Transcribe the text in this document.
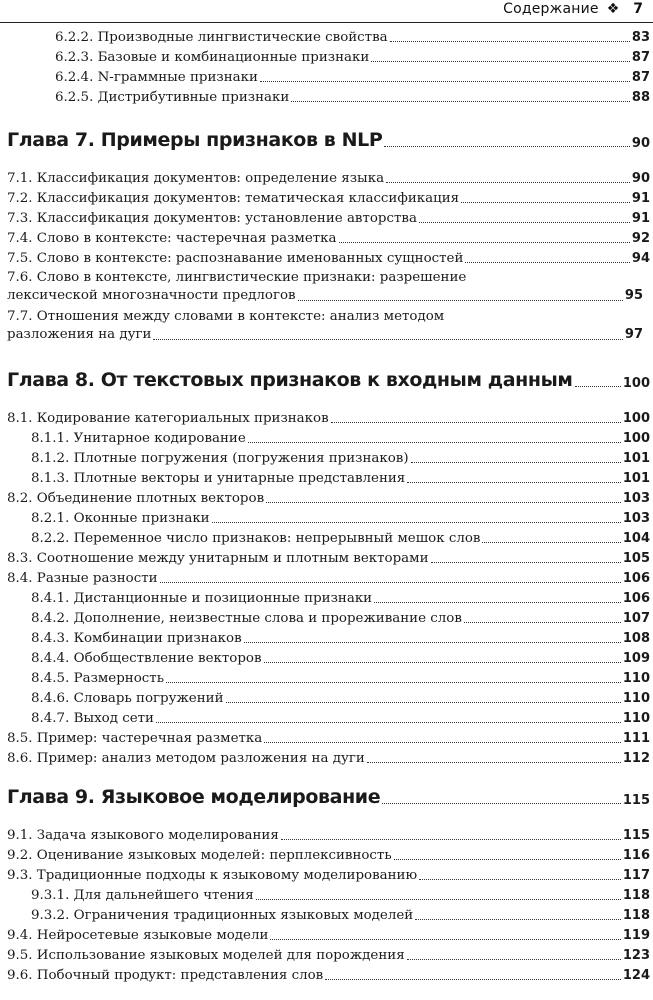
Содержание ❖ 7
6.2.2. Производные лингвистические свойства	83
6.2.3. Базовые и комбинационные признаки	87
6.2.4. N-граммные признаки	87
6.2.5. Дистрибутивные признаки	88
Глава 7. Примеры признаков в NLP	90
7.1. Классификация документов: определение языка	90
7.2. Классификация документов: тематическая классификация	91
7.3. Классификация документов: установление авторства	91
7.4. Слово в контексте: частеречная разметка	92
7.5. Слово в контексте: распознавание именованных сущностей	94
7.6. Слово в контексте, лингвистические признаки: разрешение
лексической многозначности предлогов	95
7.7. Отношения между словами в контексте: анализ методом
разложения на дуги	97
Глава 8. От текстовых признаков к входным данным	100
8.1. Кодирование категориальных признаков	100
8.1.1. Унитарное кодирование	100
8.1.2. Плотные погружения (погружения признаков)	101
8.1.3. Плотные векторы и унитарные представления	101
8.2. Объединение плотных векторов	103
8.2.1. Оконные признаки	103
8.2.2. Переменное число признаков: непрерывный мешок слов	104
8.3. Соотношение между унитарным и плотным векторами	105
8.4. Разные разности	106
8.4.1. Дистанционные и позиционные признаки	106
8.4.2. Дополнение, неизвестные слова и прореживание слов	107
8.4.3. Комбинации признаков	108
8.4.4. Обобществление векторов	109
8.4.5. Размерность	110
8.4.6. Словарь погружений	110
8.4.7. Выход сети	110
8.5. Пример: частеречная разметка	111
8.6. Пример: анализ методом разложения на дуги	112
Глава 9. Языковое моделирование	115
9.1. Задача языкового моделирования	115
9.2. Оценивание языковых моделей: перплексивность	116
9.3. Традиционные подходы к языковому моделированию	117
9.3.1. Для дальнейшего чтения	118
9.3.2. Ограничения традиционных языковых моделей	118
9.4. Нейросетевые языковые модели	119
9.5. Использование языковых моделей для порождения	123
9.6. Побочный продукт: представления слов	124
